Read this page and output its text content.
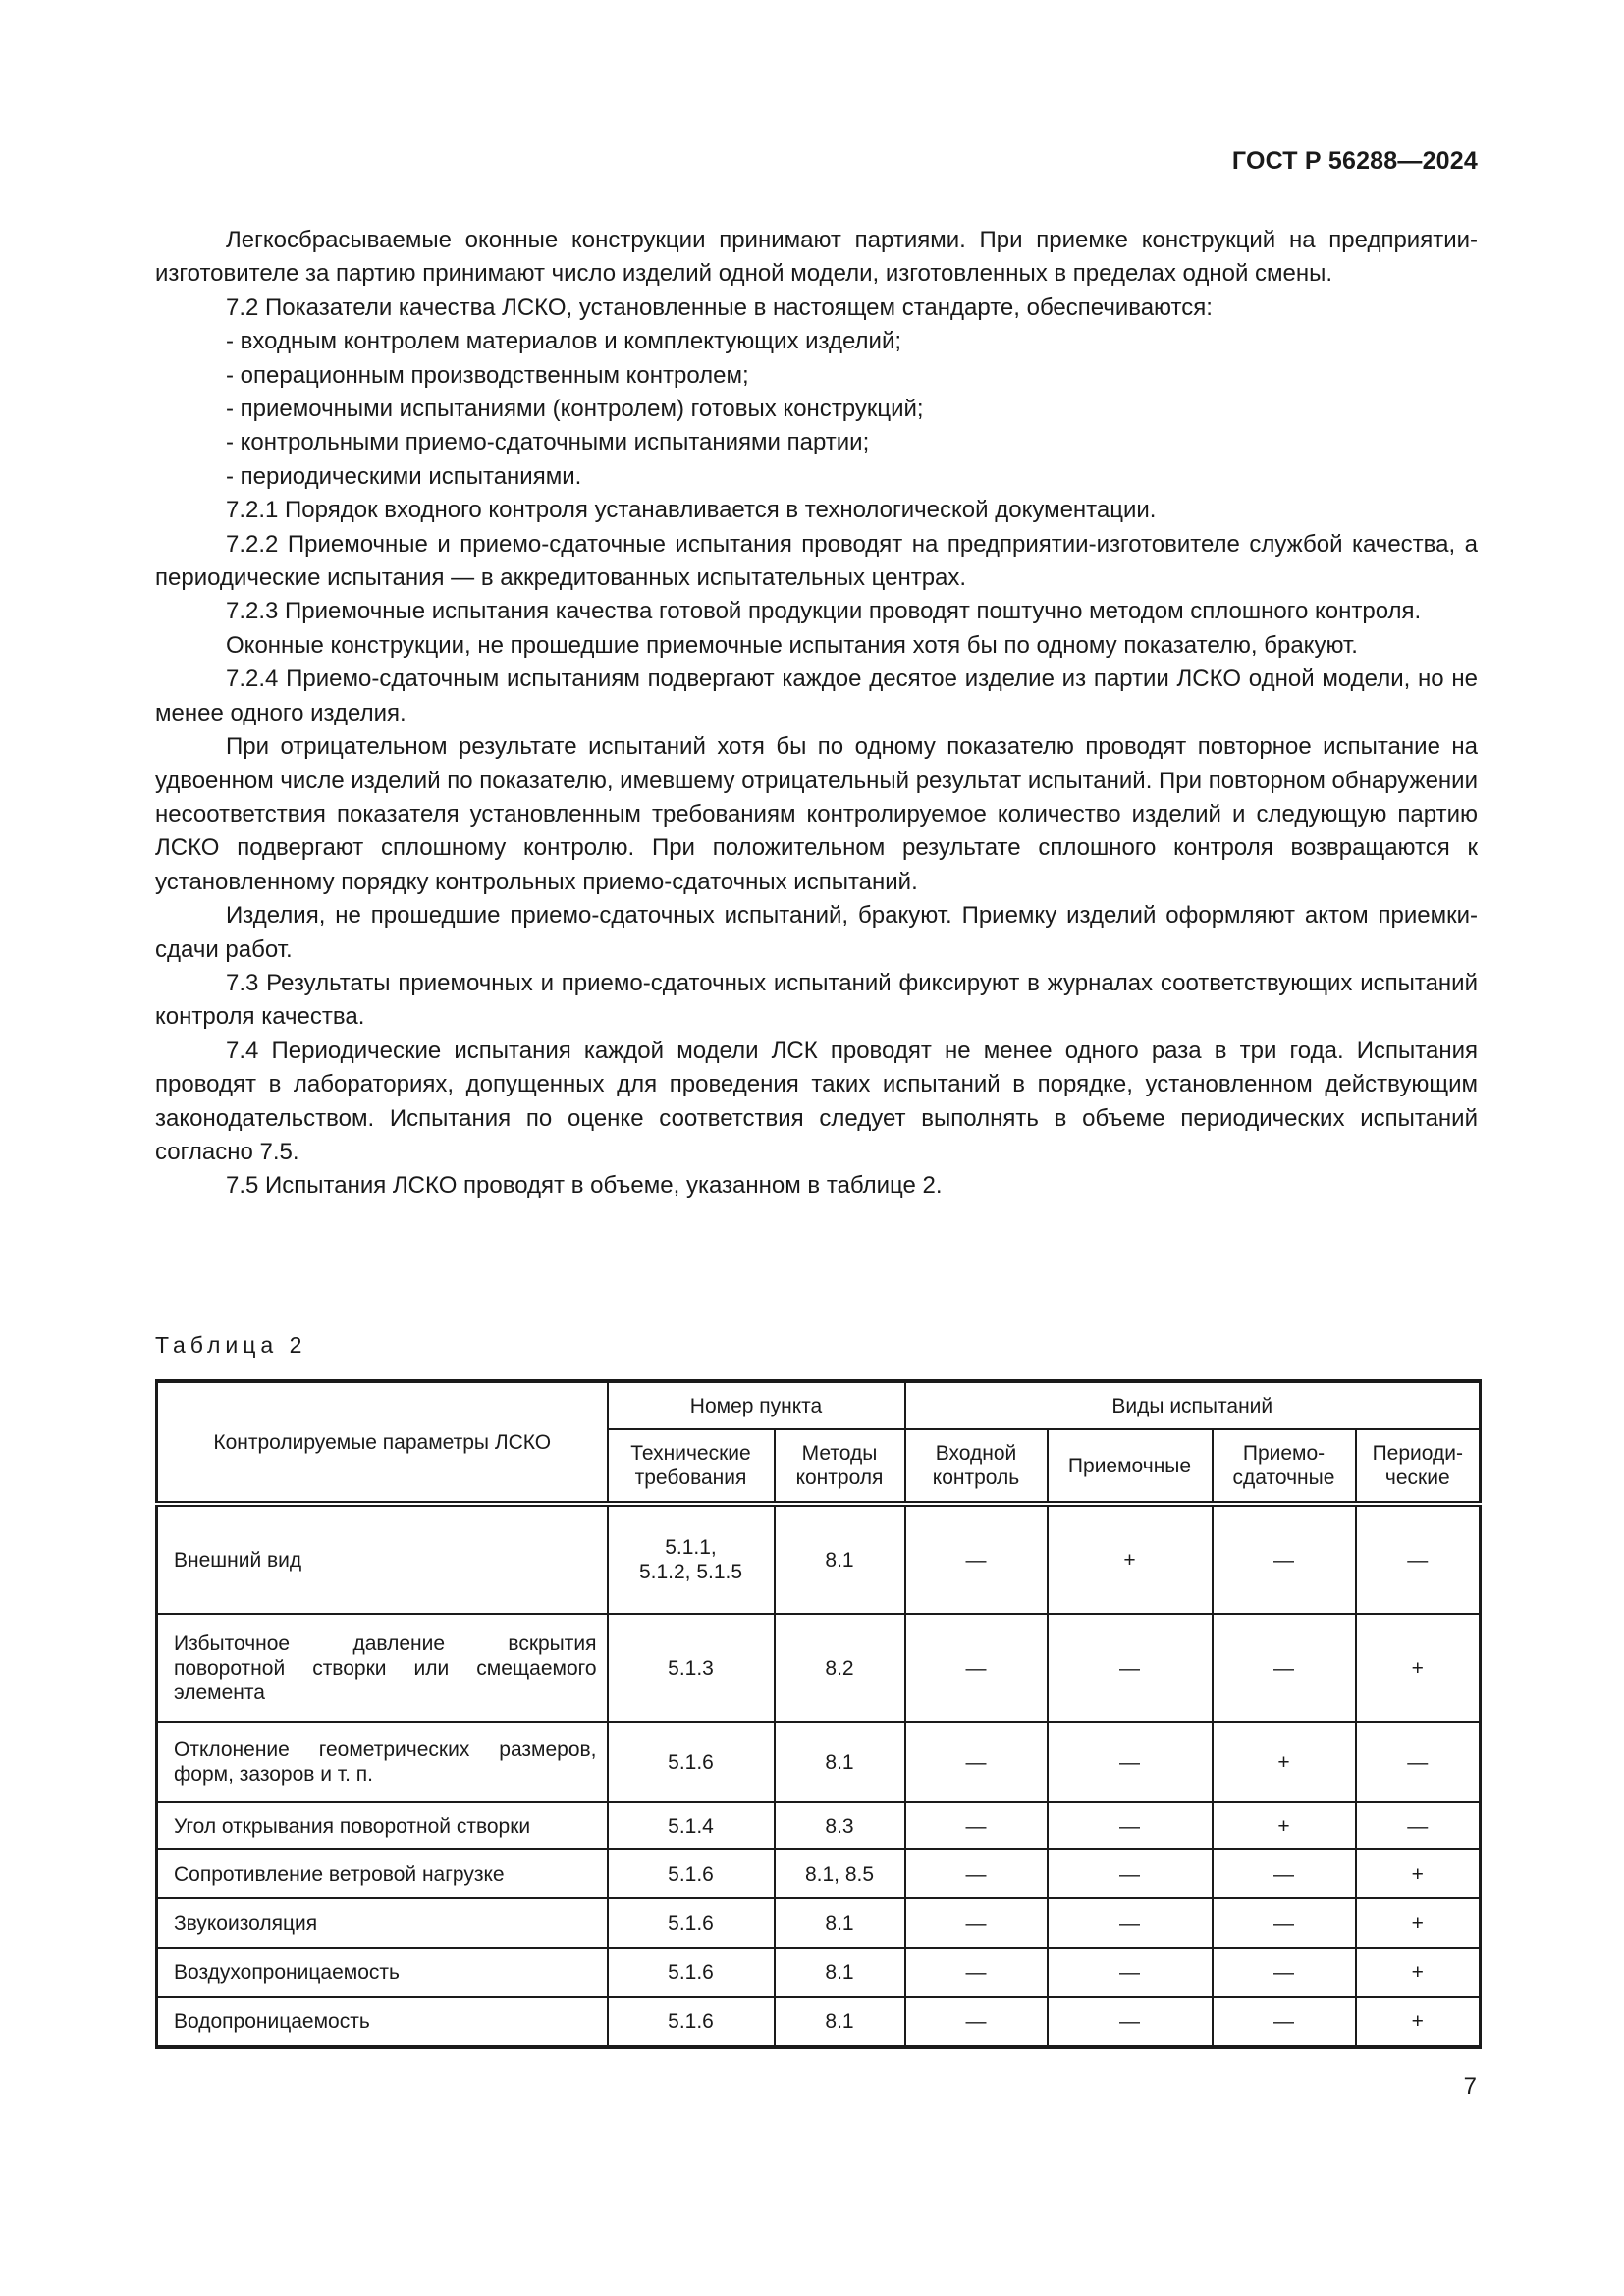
ГОСТ Р 56288—2024

Легкосбрасываемые оконные конструкции принимают партиями. При приемке конструкций на предприятии-изготовителе за партию принимают число изделий одной модели, изготовленных в пределах одной смены.

7.2 Показатели качества ЛСКО, установленные в настоящем стандарте, обеспечиваются:

- входным контролем материалов и комплектующих изделий;

- операционным производственным контролем;

- приемочными испытаниями (контролем) готовых конструкций;

- контрольными приемо-сдаточными испытаниями партии;

- периодическими испытаниями.

7.2.1 Порядок входного контроля устанавливается в технологической документации.

7.2.2 Приемочные и приемо-сдаточные испытания проводят на предприятии-изготовителе службой качества, а периодические испытания — в аккредитованных испытательных центрах.

7.2.3 Приемочные испытания качества готовой продукции проводят поштучно методом сплошного контроля.

Оконные конструкции, не прошедшие приемочные испытания хотя бы по одному показателю, бракуют.

7.2.4 Приемо-сдаточным испытаниям подвергают каждое десятое изделие из партии ЛСКО одной модели, но не менее одного изделия.

При отрицательном результате испытаний хотя бы по одному показателю проводят повторное испытание на удвоенном числе изделий по показателю, имевшему отрицательный результат испытаний. При повторном обнаружении несоответствия показателя установленным требованиям контролируемое количество изделий и следующую партию ЛСКО подвергают сплошному контролю. При положительном результате сплошного контроля возвращаются к установленному порядку контрольных приемо-сдаточных испытаний.

Изделия, не прошедшие приемо-сдаточных испытаний, бракуют. Приемку изделий оформляют актом приемки-сдачи работ.

7.3 Результаты приемочных и приемо-сдаточных испытаний фиксируют в журналах соответствующих испытаний контроля качества.

7.4 Периодические испытания каждой модели ЛСК проводят не менее одного раза в три года. Испытания проводят в лабораториях, допущенных для проведения таких испытаний в порядке, установленном действующим законодательством. Испытания по оценке соответствия следует выполнять в объеме периодических испытаний согласно 7.5.

7.5 Испытания ЛСКО проводят в объеме, указанном в таблице 2.

Таблица 2
Контролируемые параметры ЛСКО	Номер пункта		Виды испытаний			
	Технические требования	Методы контроля	Входной контроль	Приемочные	Приемо-сдаточные	Периоди-ческие
Внешний вид	5.1.1, 5.1.2, 5.1.5	8.1	—	+	—	—
Избыточное давление вскрытия поворотной створки или смещаемого элемента	5.1.3	8.2	—	—	—	+
Отклонение геометрических размеров, форм, зазоров и т. п.	5.1.6	8.1	—	—	+	—
Угол открывания поворотной створки	5.1.4	8.3	—	—	+	—
Сопротивление ветровой нагрузке	5.1.6	8.1, 8.5	—	—	—	+
Звукоизоляция	5.1.6	8.1	—	—	—	+
Воздухопроницаемость	5.1.6	8.1	—	—	—	+
Водопроницаемость	5.1.6	8.1	—	—	—	+
7
